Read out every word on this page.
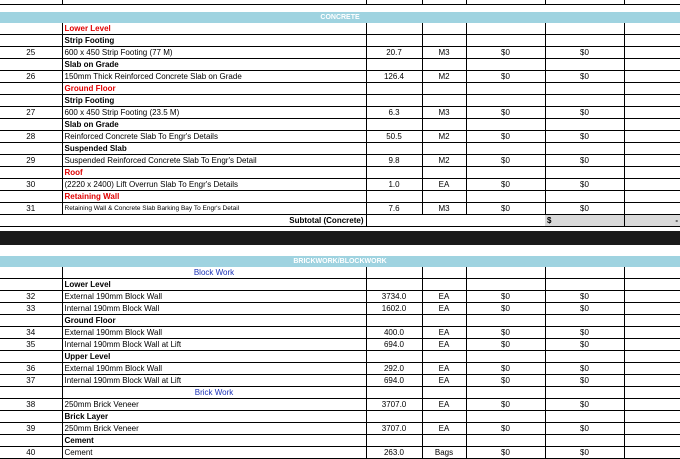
CONCRETE						
	Lower Level					
	Strip Footing					
25	600 x 450 Strip Footing (77 M)	20.7	M3	$0	$0	
	Slab on Grade					
26	150mm Thick Reinforced Concrete Slab on Grade	126.4	M2	$0	$0	
	Ground Floor					
	Strip Footing					
27	600 x 450 Strip Footing (23.5 M)	6.3	M3	$0	$0	
	Slab on Grade					
28	Reinforced Concrete Slab To Engr's Details	50.5	M2	$0	$0	
	Suspended Slab					
29	Suspended Reinforced Concrete Slab To Engr's Detail	9.8	M2	$0	$0	
	Roof					
30	(2220 x 2400) Lift Overrun Slab To Engr's Details	1.0	EA	$0	$0	
	Retaining Wall					
31	Retaining Wall & Concrete Slab Barking Bay To Engr's Detail	7.6	M3	$0	$0	
	Subtotal (Concrete)				$	-
BRICKWORK/BLOCKWORK						
	Block Work					
	Lower Level					
32	External 190mm Block Wall	3734.0	EA	$0	$0	
33	Internal 190mm Block Wall	1602.0	EA	$0	$0	
	Ground Floor					
34	External 190mm Block Wall	400.0	EA	$0	$0	
35	Internal 190mm Block Wall at Lift	694.0	EA	$0	$0	
	Upper Level					
36	External 190mm Block Wall	292.0	EA	$0	$0	
37	Internal 190mm Block Wall at Lift	694.0	EA	$0	$0	
	Brick Work					
38	250mm Brick Veneer	3707.0	EA	$0	$0	
	Brick Layer					
39	250mm Brick Veneer	3707.0	EA	$0	$0	
	Cement					
40	Cement	263.0	Bags	$0	$0	
